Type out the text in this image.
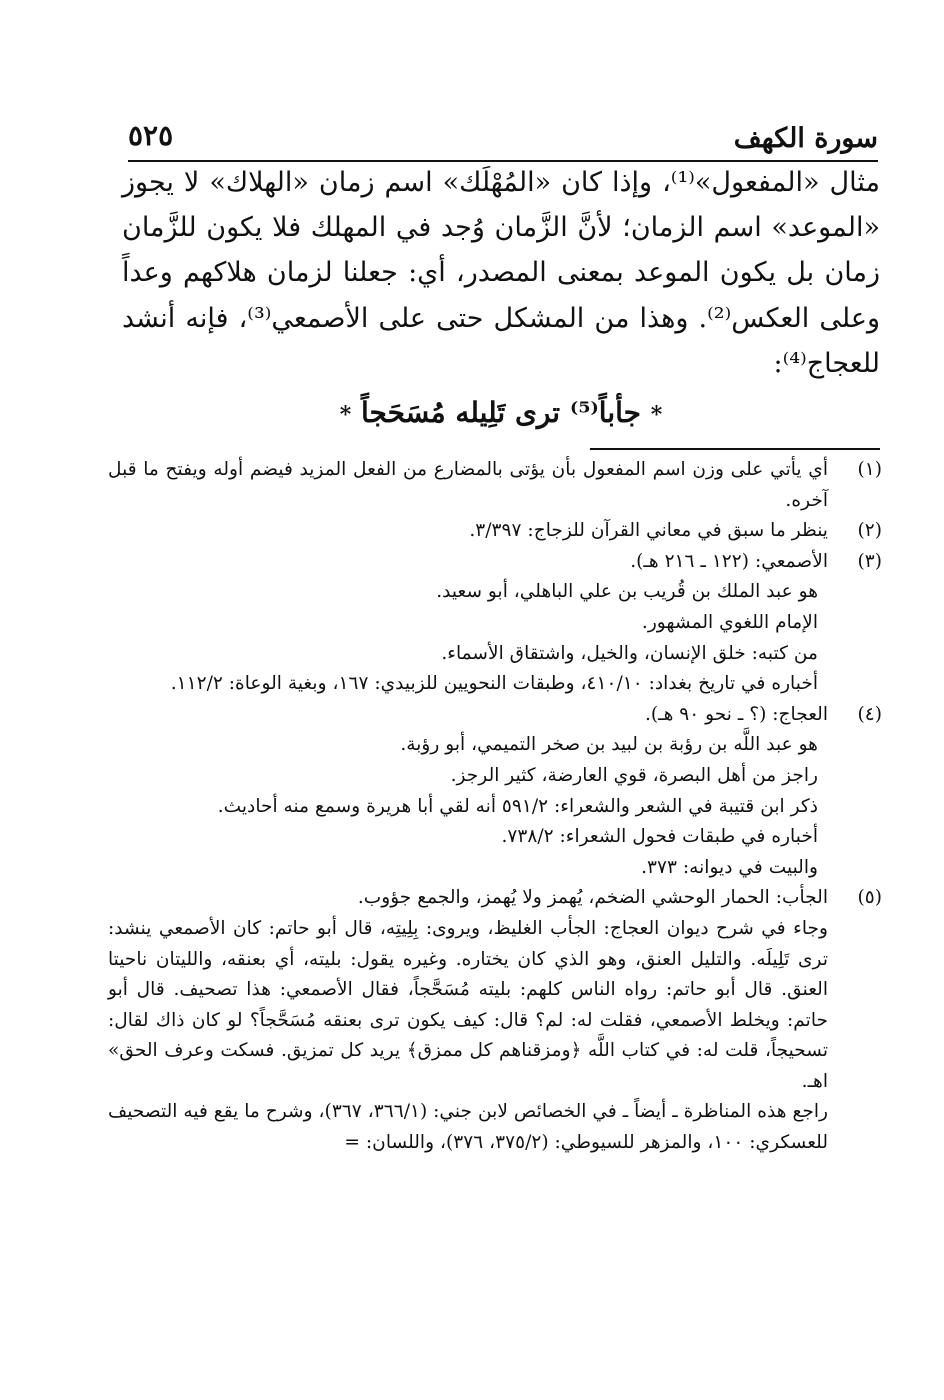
سورة الكهف
٥٢٥

مثال «المفعول»⁽¹⁾، وإذا كان «المُهْلَك» اسم زمان «الهلاك» لا يجوز «الموعد» اسم الزمان؛ لأنَّ الزَّمان وُجد في المهلك فلا يكون للزَّمان زمان بل يكون الموعد بمعنى المصدر، أي: جعلنا لزمان هلاكهم وعداً وعلى العكس⁽²⁾. وهذا من المشكل حتى على الأصمعي⁽³⁾، فإنه أنشد للعجاج⁽⁴⁾:

* جأباً⁽⁵⁾ ترى تَلِيله مُسَحَجاً *
(١)

أي يأتي على وزن اسم المفعول بأن يؤتى بالمضارع من الفعل المزيد فيضم أوله ويفتح ما قبل آخره.

(٢)

ينظر ما سبق في معاني القرآن للزجاج: ٣/٣٩٧.

(٣)

الأصمعي: (١٢٢ ـ ٢١٦ هـ).

هو عبد الملك بن قُريب بن علي الباهلي، أبو سعيد.

الإمام اللغوي المشهور.

من كتبه: خلق الإنسان، والخيل، واشتقاق الأسماء.

أخباره في تاريخ بغداد: ٤١٠/١٠، وطبقات النحويين للزبيدي: ١٦٧، وبغية الوعاة: ١١٢/٢.

(٤)

العجاج: (؟ ـ نحو ٩٠ هـ).

هو عبد اللَّه بن رؤبة بن لبيد بن صخر التميمي، أبو رؤبة.

راجز من أهل البصرة، قوي العارضة، كثير الرجز.

ذكر ابن قتيبة في الشعر والشعراء: ٥٩١/٢ أنه لقي أبا هريرة وسمع منه أحاديث.

أخباره في طبقات فحول الشعراء: ٧٣٨/٢.

والبيت في ديوانه: ٣٧٣.

(٥)

الجأب: الحمار الوحشي الضخم، يُهمز ولا يُهمز، والجمع جؤوب.

وجاء في شرح ديوان العجاج: الجأب الغليظ، ويروى: بِلِيتِه، قال أبو حاتم: كان الأصمعي ينشد: ترى تَلِيلَه. والتليل العنق، وهو الذي كان يختاره. وغيره يقول: بليته، أي بعنقه، والليتان ناحيتا العنق. قال أبو حاتم: رواه الناس كلهم: بليته مُسَحَّجاً، فقال الأصمعي: هذا تصحيف. قال أبو حاتم: ويخلط الأصمعي، فقلت له: لم؟ قال: كيف يكون ترى بعنقه مُسَحَّجاً؟ لو كان ذاك لقال: تسحيجاً، قلت له: في كتاب اللَّه ﴿ومزقناهم كل ممزق﴾ يريد كل تمزيق. فسكت وعرف الحق» اهـ.

راجع هذه المناظرة ـ أيضاً ـ في الخصائص لابن جني: (٣٦٦/١، ٣٦٧)، وشرح ما يقع فيه التصحيف للعسكري: ١٠٠، والمزهر للسيوطي: (٣٧٥/٢، ٣٧٦)، واللسان: =
